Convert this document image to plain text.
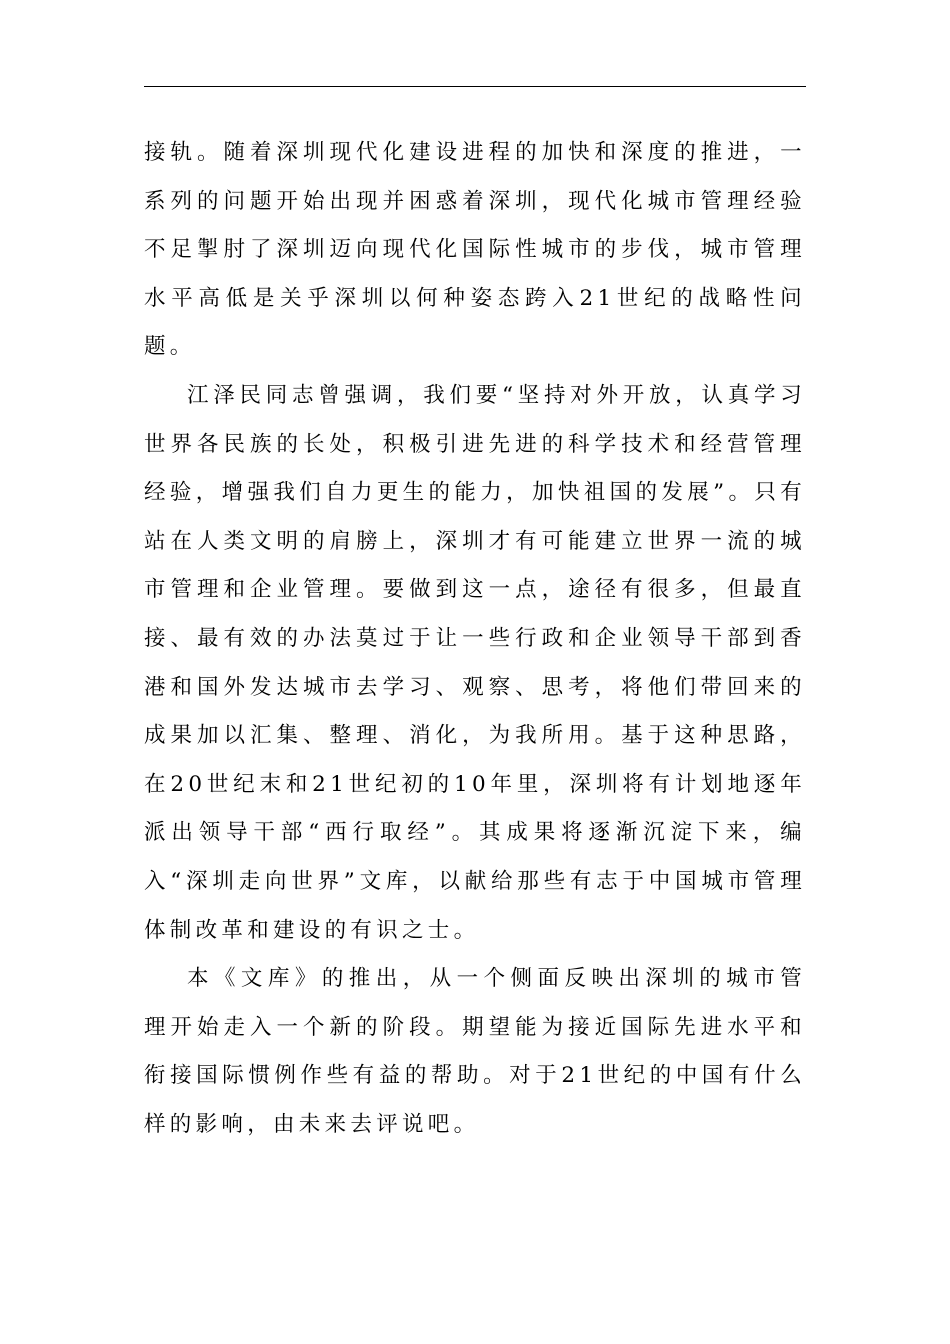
接轨。随着深圳现代化建设进程的加快和深度的推进，一系列的问题开始出现并困惑着深圳，现代化城市管理经验不足掣肘了深圳迈向现代化国际性城市的步伐，城市管理水平高低是关乎深圳以何种姿态跨入21世纪的战略性问题。

江泽民同志曾强调，我们要“坚持对外开放，认真学习世界各民族的长处，积极引进先进的科学技术和经营管理经验，增强我们自力更生的能力，加快祖国的发展”。只有站在人类文明的肩膀上，深圳才有可能建立世界一流的城市管理和企业管理。要做到这一点，途径有很多，但最直接、最有效的办法莫过于让一些行政和企业领导干部到香港和国外发达城市去学习、观察、思考，将他们带回来的成果加以汇集、整理、消化，为我所用。基于这种思路，在20世纪末和21世纪初的10年里，深圳将有计划地逐年派出领导干部“西行取经”。其成果将逐渐沉淀下来，编入“深圳走向世界”文库，以献给那些有志于中国城市管理体制改革和建设的有识之士。

本《文库》的推出，从一个侧面反映出深圳的城市管理开始走入一个新的阶段。期望能为接近国际先进水平和衔接国际惯例作些有益的帮助。对于21世纪的中国有什么样的影响，由未来去评说吧。
